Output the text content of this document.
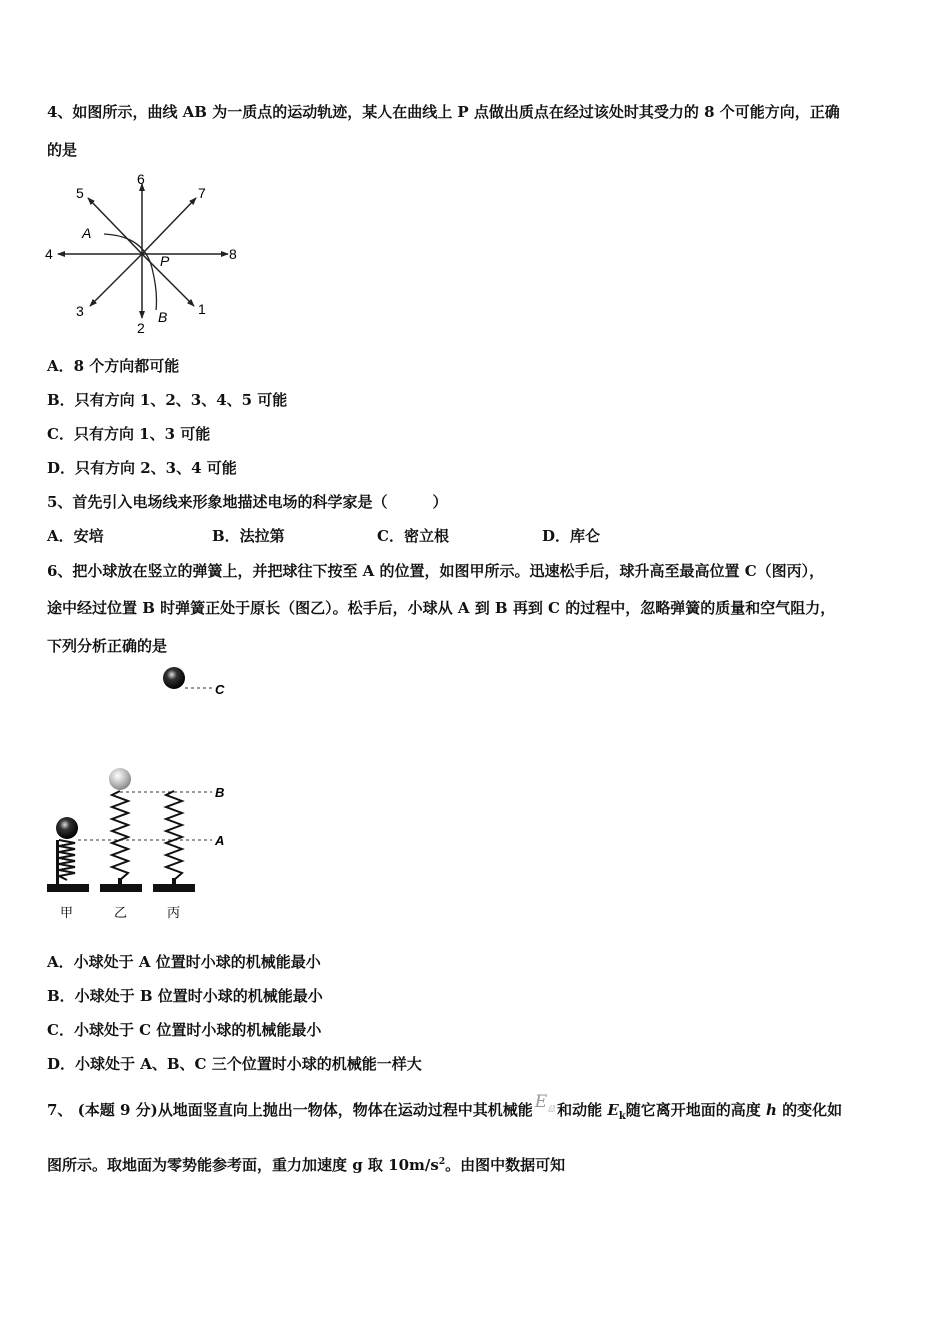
4、如图所示，曲线 AB 为一质点的运动轨迹，某人在曲线上 P 点做出质点在经过该处时其受力的 8 个可能方向，正确
的是
1
2
3
4
5
6
7
8
A
B
P
A．8 个方向都可能
B．只有方向 1、2、3、4、5 可能
C．只有方向 1、3 可能
D．只有方向 2、3、4 可能
5、首先引入电场线来形象地描述电场的科学家是（　　　）
A．安培	B．法拉第	C．密立根	D．库仑
6、把小球放在竖立的弹簧上，并把球往下按至 A 的位置，如图甲所示。迅速松手后，球升高至最高位置 C（图丙），
途中经过位置 B 时弹簧正处于原长（图乙）。松手后，小球从 A 到 B 再到 C 的过程中，忽略弹簧的质量和空气阻力，
下列分析正确的是
C
B
A
甲	乙	丙
A．小球处于 A 位置时小球的机械能最小
B．小球处于 B 位置时小球的机械能最小
C．小球处于 C 位置时小球的机械能最小
D．小球处于 A、B、C 三个位置时小球的机械能一样大
7、 (本题 9 分)从地面竖直向上抛出一物体，物体在运动过程中其机械能 $E_总$ 和动能 $E_k$随它离开地面的高度 h 的变化如
图所示。取地面为零势能参考面，重力加速度 g 取 $10m/s^2$。由图中数据可知
